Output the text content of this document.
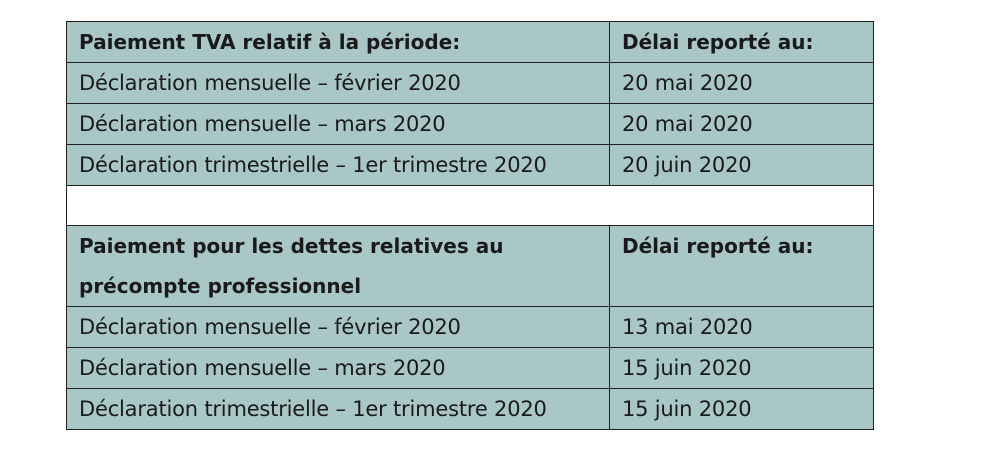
Paiement TVA relatif à la période:	Délai reporté au:
Déclaration mensuelle – février 2020	20 mai 2020
Déclaration mensuelle – mars 2020	20 mai 2020
Déclaration trimestrielle – 1er trimestre 2020	20 juin 2020

Paiement pour les dettes relatives au
précompte professionnel	Délai reporté au:
Déclaration mensuelle – février 2020	13 mai 2020
Déclaration mensuelle – mars 2020	15 juin 2020
Déclaration trimestrielle – 1er trimestre 2020	15 juin 2020
